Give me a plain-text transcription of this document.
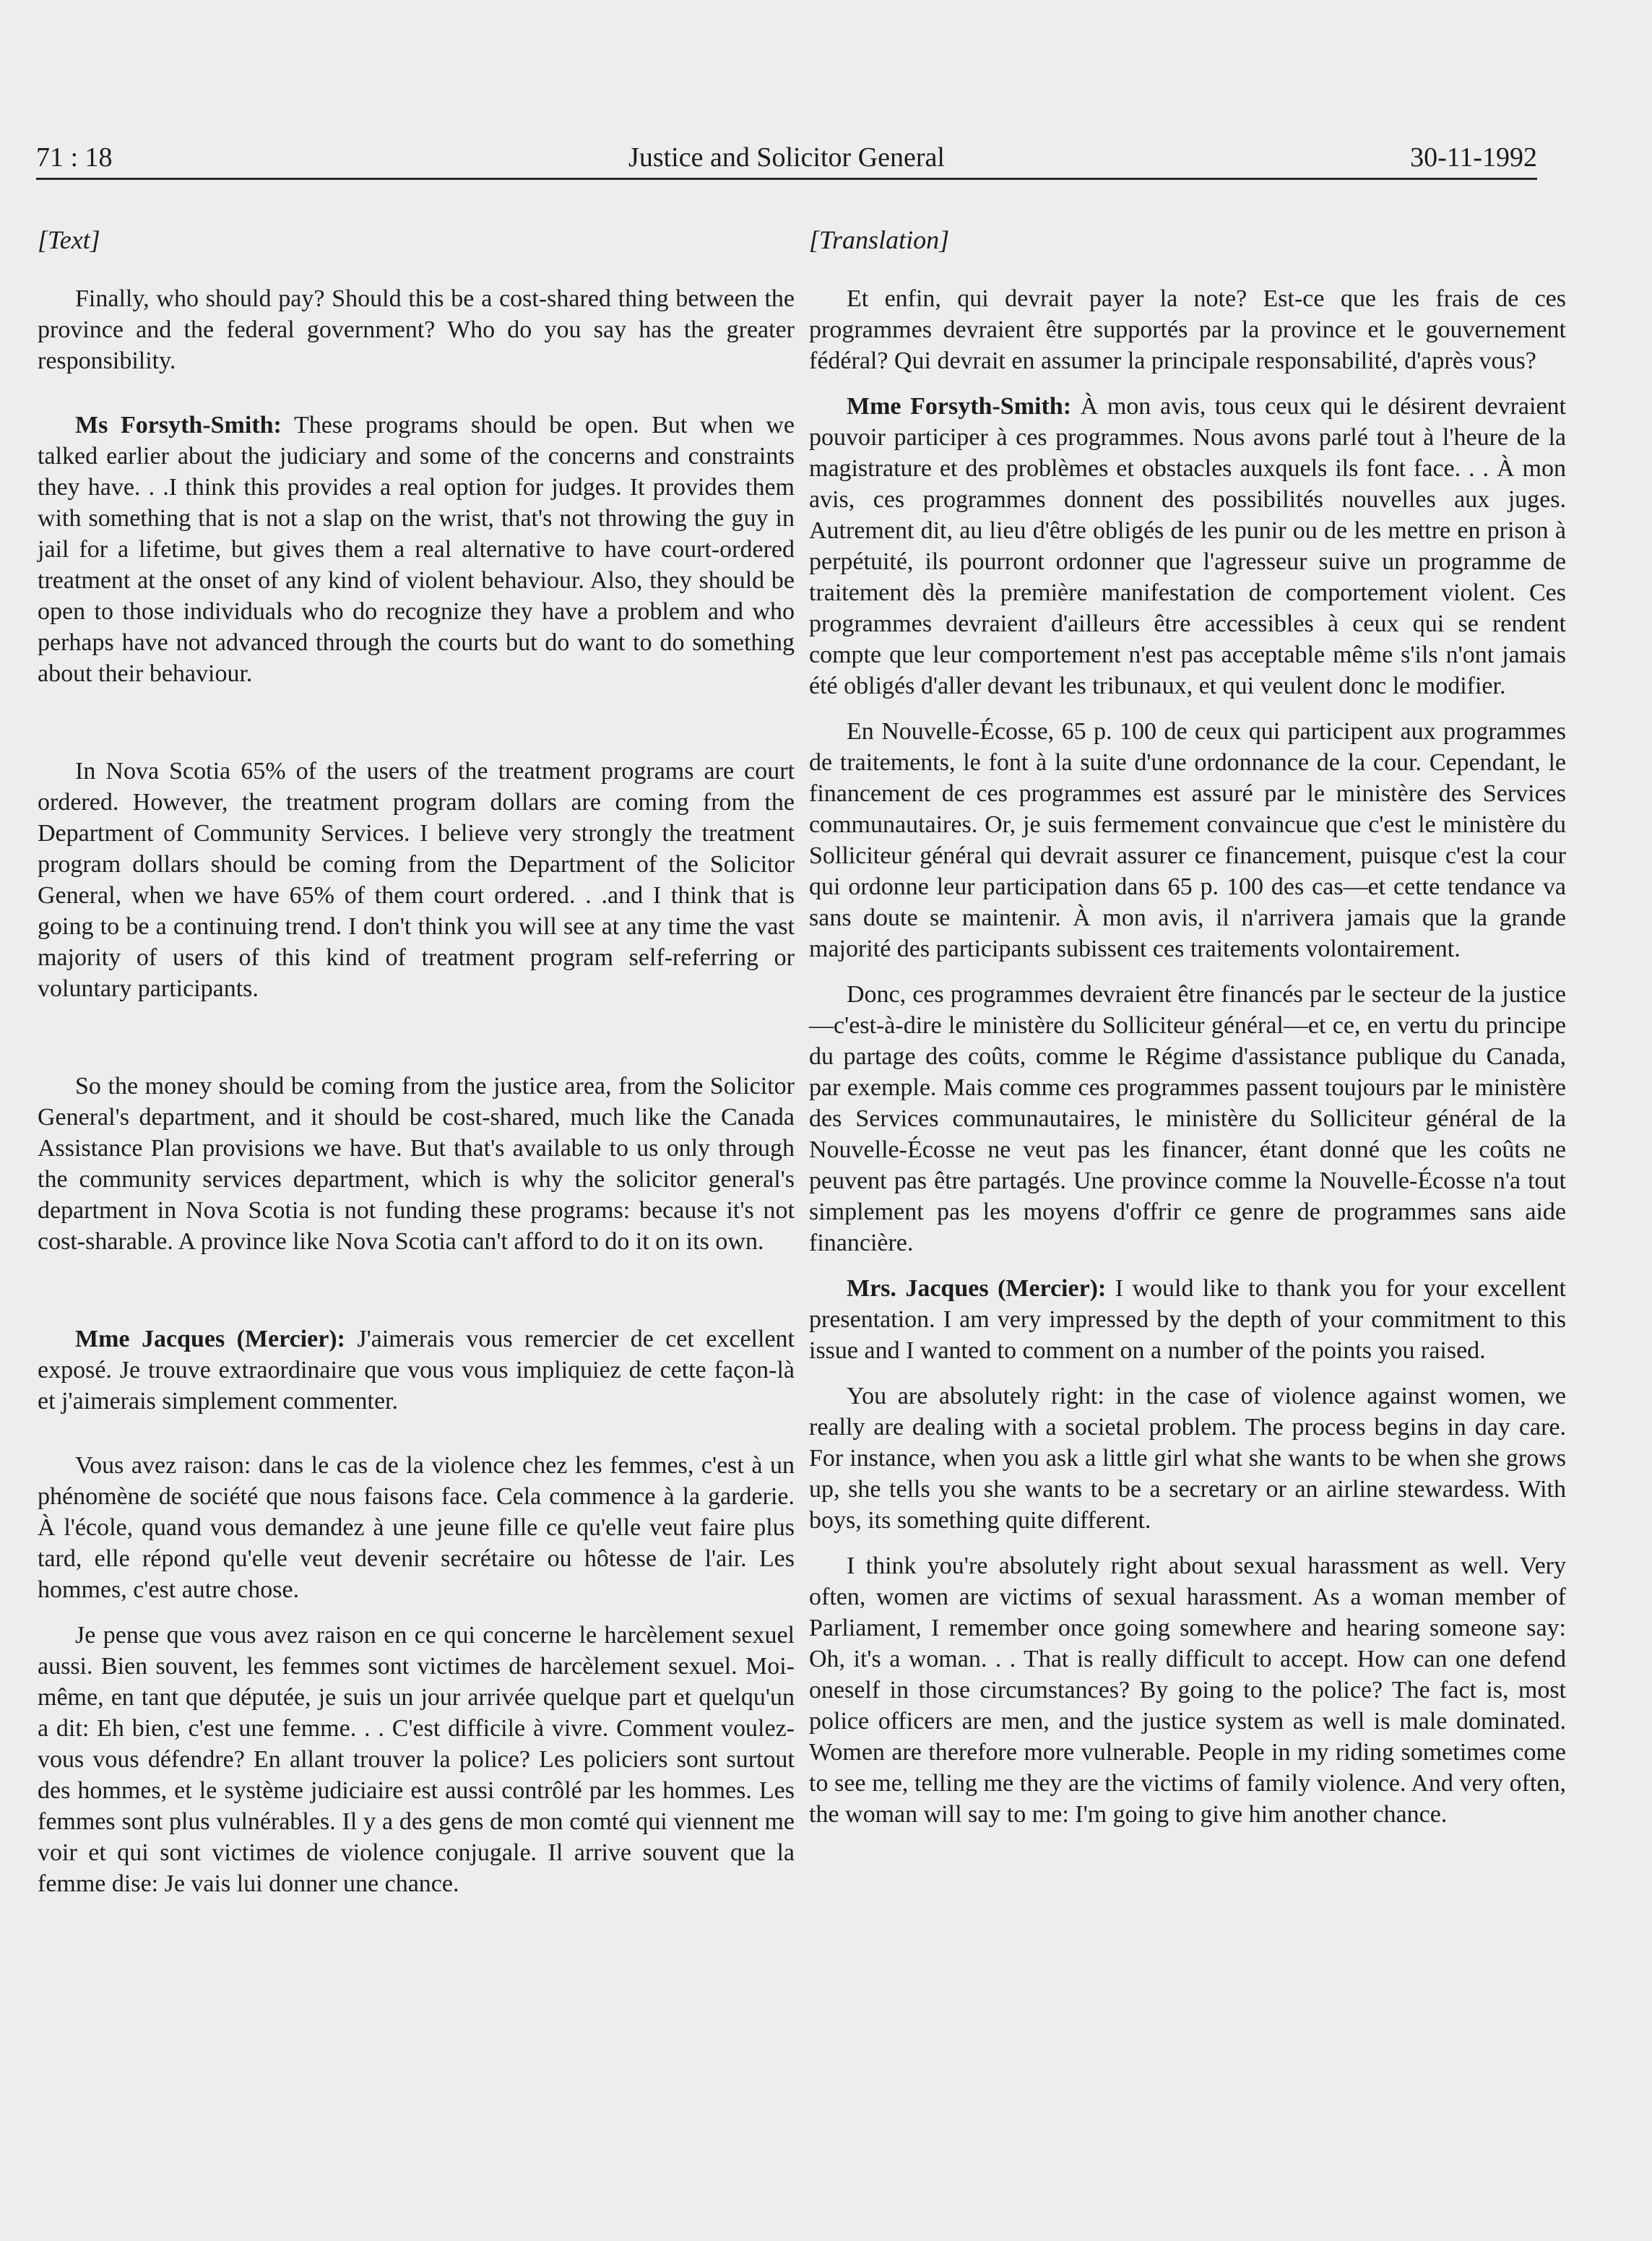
71 : 18	Justice and Solicitor General	30-11-1992
[Text]

Finally, who should pay? Should this be a cost-shared thing between the province and the federal government? Who do you say has the greater responsibility.

Ms Forsyth-Smith: These programs should be open. But when we talked earlier about the judiciary and some of the concerns and constraints they have. . .I think this provides a real option for judges. It provides them with something that is not a slap on the wrist, that's not throwing the guy in jail for a lifetime, but gives them a real alternative to have court-ordered treatment at the onset of any kind of violent behaviour. Also, they should be open to those individuals who do recognize they have a problem and who perhaps have not advanced through the courts but do want to do something about their behaviour.

In Nova Scotia 65% of the users of the treatment programs are court ordered. However, the treatment program dollars are coming from the Department of Community Services. I believe very strongly the treatment program dollars should be coming from the Department of the Solicitor General, when we have 65% of them court ordered. . .and I think that is going to be a continuing trend. I don't think you will see at any time the vast majority of users of this kind of treatment program self-referring or voluntary participants.

So the money should be coming from the justice area, from the Solicitor General's department, and it should be cost-shared, much like the Canada Assistance Plan provisions we have. But that's available to us only through the community services department, which is why the solicitor general's department in Nova Scotia is not funding these programs: because it's not cost-sharable. A province like Nova Scotia can't afford to do it on its own.

Mme Jacques (Mercier): J'aimerais vous remercier de cet excellent exposé. Je trouve extraordinaire que vous vous impliquiez de cette façon-là et j'aimerais simplement commenter.

Vous avez raison: dans le cas de la violence chez les femmes, c'est à un phénomène de société que nous faisons face. Cela commence à la garderie. À l'école, quand vous demandez à une jeune fille ce qu'elle veut faire plus tard, elle répond qu'elle veut devenir secrétaire ou hôtesse de l'air. Les hommes, c'est autre chose.

Je pense que vous avez raison en ce qui concerne le harcèlement sexuel aussi. Bien souvent, les femmes sont victimes de harcèlement sexuel. Moi-même, en tant que députée, je suis un jour arrivée quelque part et quelqu'un a dit: Eh bien, c'est une femme. . . C'est difficile à vivre. Comment voulez-vous vous défendre? En allant trouver la police? Les policiers sont surtout des hommes, et le système judiciaire est aussi contrôlé par les hommes. Les femmes sont plus vulnérables. Il y a des gens de mon comté qui viennent me voir et qui sont victimes de violence conjugale. Il arrive souvent que la femme dise: Je vais lui donner une chance.

[Translation]

Et enfin, qui devrait payer la note? Est-ce que les frais de ces programmes devraient être supportés par la province et le gouvernement fédéral? Qui devrait en assumer la principale responsabilité, d'après vous?

Mme Forsyth-Smith: À mon avis, tous ceux qui le désirent devraient pouvoir participer à ces programmes. Nous avons parlé tout à l'heure de la magistrature et des problèmes et obstacles auxquels ils font face. . . À mon avis, ces programmes donnent des possibilités nouvelles aux juges. Autrement dit, au lieu d'être obligés de les punir ou de les mettre en prison à perpétuité, ils pourront ordonner que l'agresseur suive un programme de traitement dès la première manifestation de comportement violent. Ces programmes devraient d'ailleurs être accessibles à ceux qui se rendent compte que leur comportement n'est pas acceptable même s'ils n'ont jamais été obligés d'aller devant les tribunaux, et qui veulent donc le modifier.

En Nouvelle-Écosse, 65 p. 100 de ceux qui participent aux programmes de traitements, le font à la suite d'une ordonnance de la cour. Cependant, le financement de ces programmes est assuré par le ministère des Services communautaires. Or, je suis fermement convaincue que c'est le ministère du Solliciteur général qui devrait assurer ce financement, puisque c'est la cour qui ordonne leur participation dans 65 p. 100 des cas—et cette tendance va sans doute se maintenir. À mon avis, il n'arrivera jamais que la grande majorité des participants subissent ces traitements volontairement.

Donc, ces programmes devraient être financés par le secteur de la justice—c'est-à-dire le ministère du Solliciteur général—et ce, en vertu du principe du partage des coûts, comme le Régime d'assistance publique du Canada, par exemple. Mais comme ces programmes passent toujours par le ministère des Services communautaires, le ministère du Solliciteur général de la Nouvelle-Écosse ne veut pas les financer, étant donné que les coûts ne peuvent pas être partagés. Une province comme la Nouvelle-Écosse n'a tout simplement pas les moyens d'offrir ce genre de programmes sans aide financière.

Mrs. Jacques (Mercier): I would like to thank you for your excellent presentation. I am very impressed by the depth of your commitment to this issue and I wanted to comment on a number of the points you raised.

You are absolutely right: in the case of violence against women, we really are dealing with a societal problem. The process begins in day care. For instance, when you ask a little girl what she wants to be when she grows up, she tells you she wants to be a secretary or an airline stewardess. With boys, its something quite different.

I think you're absolutely right about sexual harassment as well. Very often, women are victims of sexual harassment. As a woman member of Parliament, I remember once going somewhere and hearing someone say: Oh, it's a woman. . . That is really difficult to accept. How can one defend oneself in those circumstances? By going to the police? The fact is, most police officers are men, and the justice system as well is male dominated. Women are therefore more vulnerable. People in my riding sometimes come to see me, telling me they are the victims of family violence. And very often, the woman will say to me: I'm going to give him another chance.
